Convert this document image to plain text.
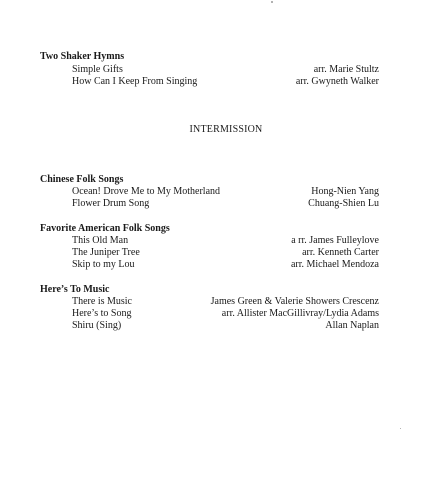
Two Shaker Hymns
Simple Gifts	arr. Marie Stultz
How Can I Keep From Singing	arr. Gwyneth Walker
INTERMISSION
Chinese Folk Songs
Ocean! Drove Me to My Motherland	Hong-Nien Yang
Flower Drum Song	Chuang-Shien Lu
Favorite American Folk Songs
This Old Man	a rr. James Fulleylove
The Juniper Tree	arr. Kenneth Carter
Skip to my Lou	arr. Michael Mendoza
Here’s To Music
There is Music	James Green & Valerie Showers Crescenz
Here’s to Song	arr. Allister MacGillivray/Lydia Adams
Shiru (Sing)	Allan Naplan
